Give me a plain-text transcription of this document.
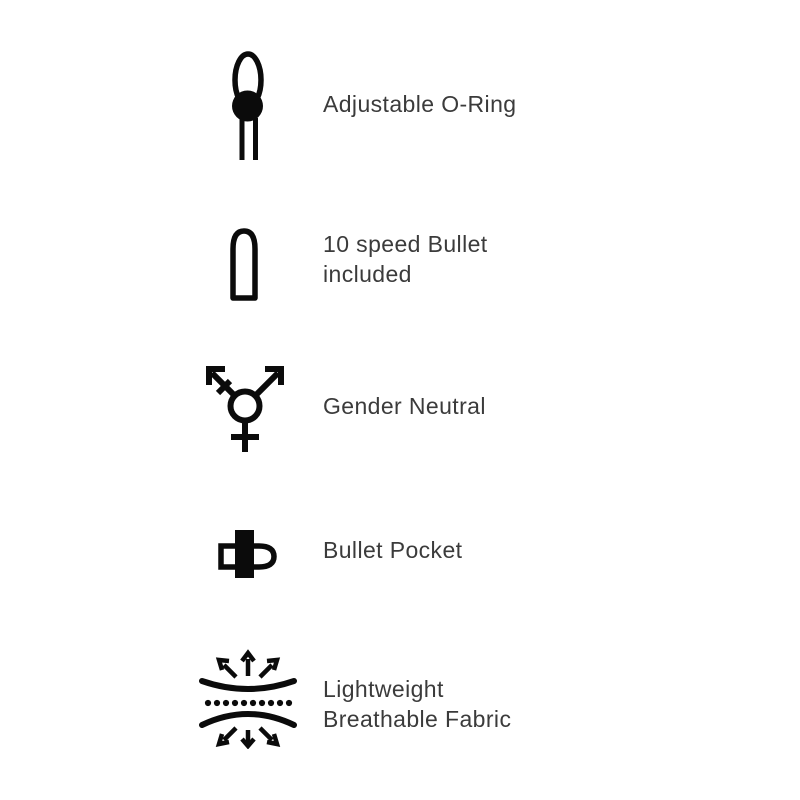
Adjustable O-Ring
10 speed Bullet
included
Gender Neutral
Bullet Pocket
Lightweight
Breathable Fabric
